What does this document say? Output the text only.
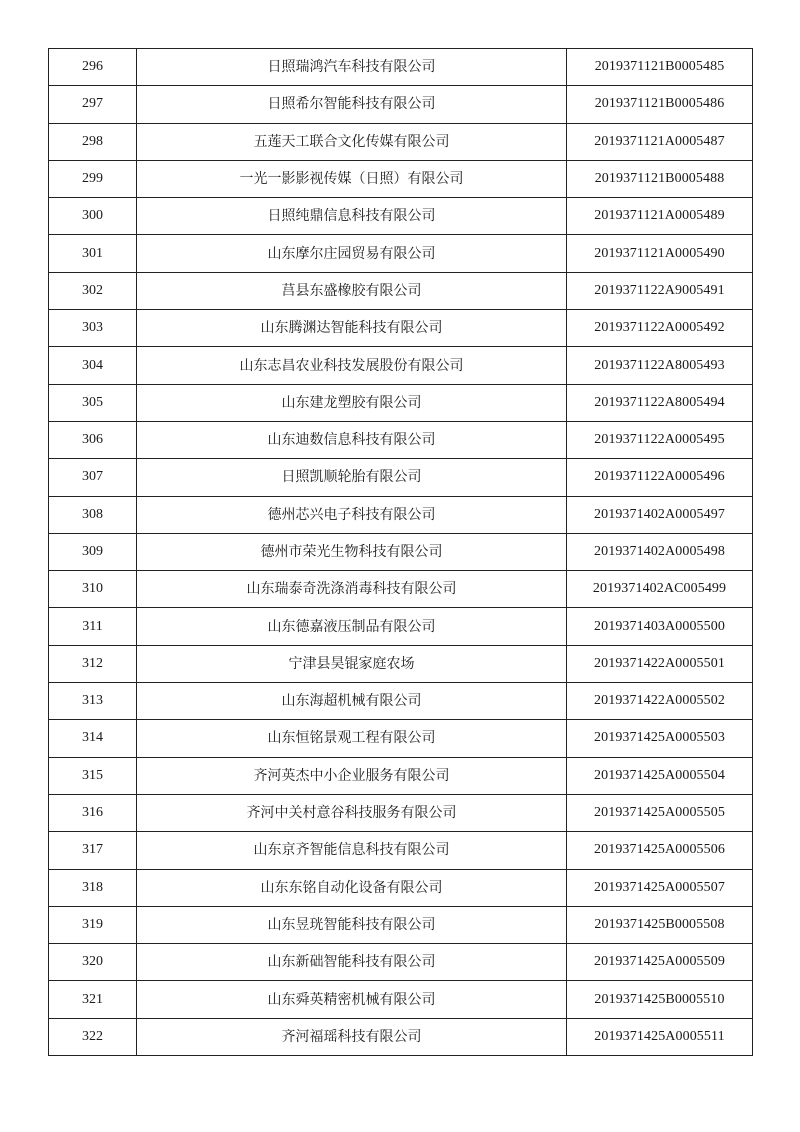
296	日照瑞鸿汽车科技有限公司	2019371121B0005485
297	日照希尔智能科技有限公司	2019371121B0005486
298	五莲天工联合文化传媒有限公司	2019371121A0005487
299	一光一影影视传媒（日照）有限公司	2019371121B0005488
300	日照纯鼎信息科技有限公司	2019371121A0005489
301	山东摩尔庄园贸易有限公司	2019371121A0005490
302	莒县东盛橡胶有限公司	2019371122A9005491
303	山东腾渊达智能科技有限公司	2019371122A0005492
304	山东志昌农业科技发展股份有限公司	2019371122A8005493
305	山东建龙塑胶有限公司	2019371122A8005494
306	山东迪数信息科技有限公司	2019371122A0005495
307	日照凯顺轮胎有限公司	2019371122A0005496
308	德州芯兴电子科技有限公司	2019371402A0005497
309	德州市荣光生物科技有限公司	2019371402A0005498
310	山东瑞泰奇洗涤消毒科技有限公司	2019371402AC005499
311	山东德嘉液压制品有限公司	2019371403A0005500
312	宁津县昊锟家庭农场	2019371422A0005501
313	山东海超机械有限公司	2019371422A0005502
314	山东恒铭景观工程有限公司	2019371425A0005503
315	齐河英杰中小企业服务有限公司	2019371425A0005504
316	齐河中关村意谷科技服务有限公司	2019371425A0005505
317	山东京齐智能信息科技有限公司	2019371425A0005506
318	山东东铭自动化设备有限公司	2019371425A0005507
319	山东昱珖智能科技有限公司	2019371425B0005508
320	山东新础智能科技有限公司	2019371425A0005509
321	山东舜英精密机械有限公司	2019371425B0005510
322	齐河福瑶科技有限公司	2019371425A0005511
